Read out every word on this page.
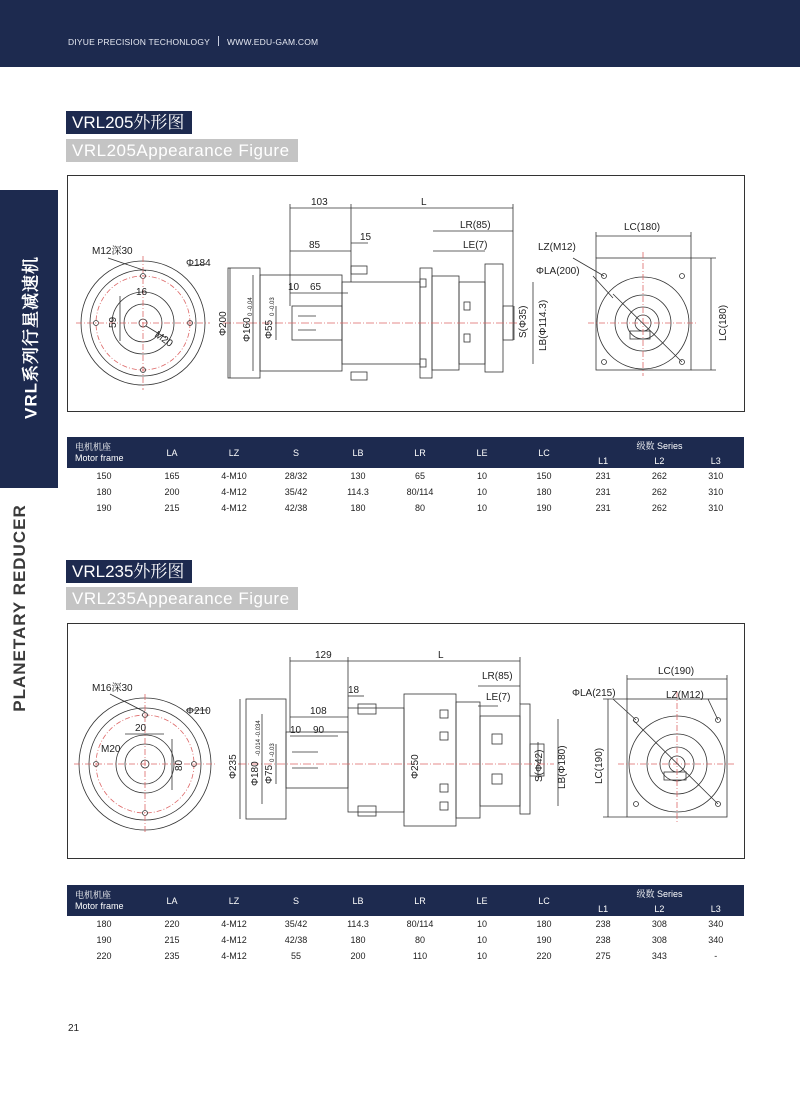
DIYUE PRECISION TECHONLOGY WWW.EDU-GAM.COM
VRL系列行星减速机
PLANETARY REDUCER
VRL205外形图
VRL205Appearance Figure
M12深30
Φ184
16
59
M20
103	L
85
15
10 65
Φ200 Φ160
0 -0.04
Φ55
0 -0.03
LR(85)
LE(7)
S(Φ35) LB(Φ114.3)
LC(180)
LZ(M12)
ΦLA(200)
LC(180)
电机机座
Motor frame	LA	LZ	S	LB	LR	LE	LC	级数 Series		
								L1	L2	L3
150	165	4-M10	28/32	130	65	10	150	231	262	310
180	200	4-M12	35/42	114.3	80/114	10	180	231	262	310
190	215	4-M12	42/38	180	80	10	190	231	262	310
VRL235外形图
VRL235Appearance Figure
M16深30
Φ210
20
M20
80
129	L
108
18
10 90
Φ235 Φ180
-0.014 -0.034
Φ75
0 -0.03
Φ250
LR(85)
LE(7)
S(Φ42) LB(Φ180)
LC(190)
ΦLA(215)	LZ(M12)
LC(190)
电机机座
Motor frame	LA	LZ	S	LB	LR	LE	LC	级数 Series		
								L1	L2	L3
180	220	4-M12	35/42	114.3	80/114	10	180	238	308	340
190	215	4-M12	42/38	180	80	10	190	238	308	340
220	235	4-M12	55	200	110	10	220	275	343	-
21
